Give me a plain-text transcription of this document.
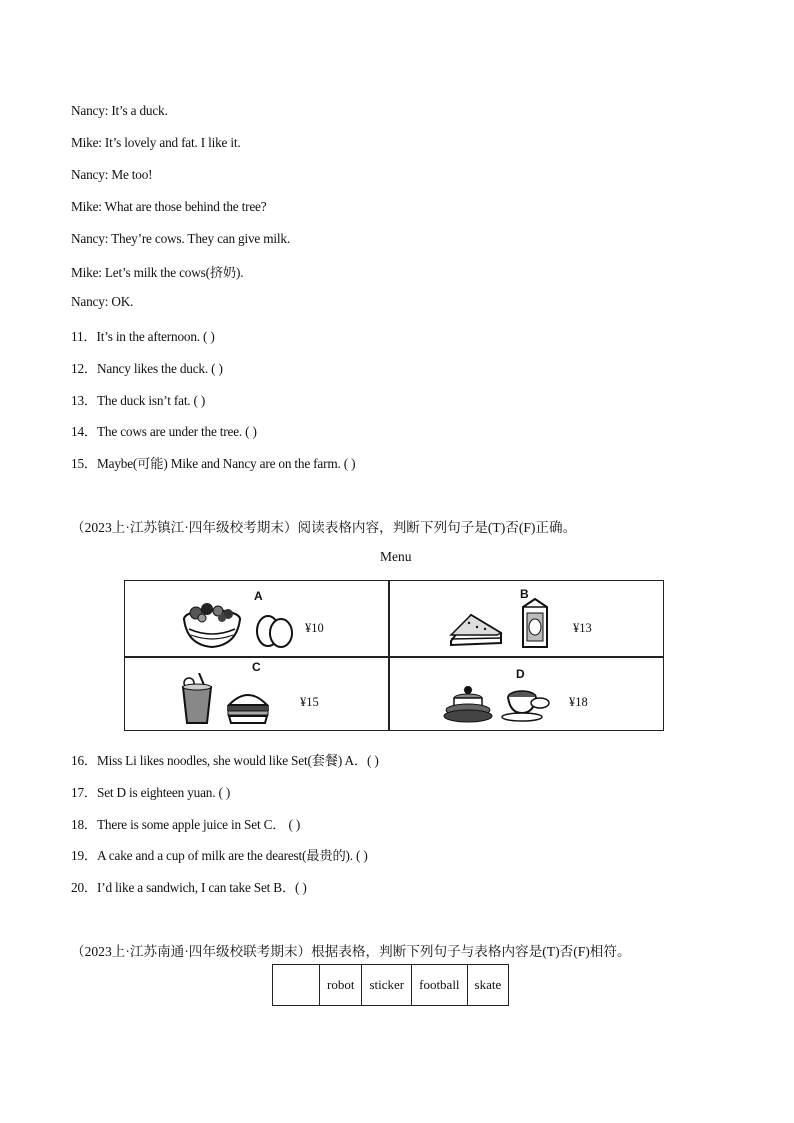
Nancy: It’s a duck.
Mike: It’s lovely and fat. I like it.
Nancy: Me too!
Mike: What are those behind the tree?
Nancy: They’re cows. They can give milk.
Mike: Let’s milk the cows(挤奶).
Nancy: OK.
11．It’s in the afternoon. ( )
12．Nancy likes the duck. ( )
13．The duck isn’t fat. ( )
14．The cows are under the tree. ( )
15．Maybe(可能) Mike and Nancy are on the farm. ( )
（2023上·江苏镇江·四年级校考期末）阅读表格内容，判断下列句子是(T)否(F)正确。
Menu
A
¥10
B
¥13
C
¥15
D
¥18
16．Miss Li likes noodles, she would like Set(套餐) A．( )
17．Set D is eighteen yuan. ( )
18．There is some apple juice in Set C． ( )
19．A cake and a cup of milk are the dearest(最贵的). ( )
20．I’d like a sandwich, I can take Set B．( )
（2023上·江苏南通·四年级校联考期末）根据表格，判断下列句子与表格内容是(T)否(F)相符。
	robot	sticker	football	skate
